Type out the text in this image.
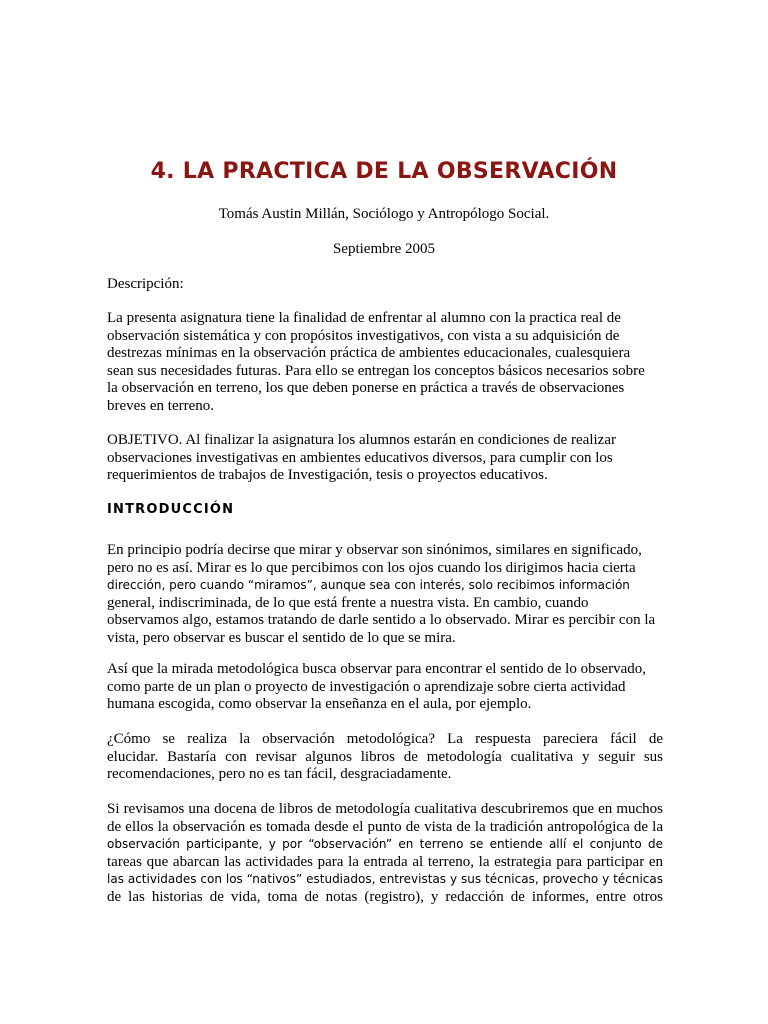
4. LA PRACTICA DE LA OBSERVACIÓN
Tomás Austin Millán, Sociólogo y Antropólogo Social.
Septiembre 2005
Descripción:
La presenta asignatura tiene la finalidad de enfrentar al alumno con la practica real de
observación sistemática y con propósitos investigativos, con vista a su adquisición de
destrezas mínimas en la observación práctica de ambientes educacionales, cualesquiera
sean sus necesidades futuras. Para ello se entregan los conceptos básicos necesarios sobre
la observación en terreno, los que deben ponerse en práctica a través de observaciones
breves en terreno.
OBJETIVO. Al finalizar la asignatura los alumnos estarán en condiciones de realizar
observaciones investigativas en ambientes educativos diversos, para cumplir con los
requerimientos de trabajos de Investigación, tesis o proyectos educativos.
INTRODUCCIÓN
En principio podría decirse que mirar y observar son sinónimos, similares en significado,
pero no es así. Mirar es lo que percibimos con los ojos cuando los dirigimos hacia cierta
dirección, pero cuando “miramos”, aunque sea con interés, solo recibimos información
general, indiscriminada, de lo que está frente a nuestra vista. En cambio, cuando
observamos algo, estamos tratando de darle sentido a lo observado. Mirar es percibir con la
vista, pero observar es buscar el sentido de lo que se mira.
Así que la mirada metodológica busca observar para encontrar el sentido de lo observado,
como parte de un plan o proyecto de investigación o aprendizaje sobre cierta actividad
humana escogida, como observar la enseñanza en el aula, por ejemplo.
¿Cómo se realiza la observación metodológica? La respuesta pareciera fácil de
elucidar. Bastaría con revisar algunos libros de metodología cualitativa y seguir sus
recomendaciones, pero no es tan fácil, desgraciadamente.
Si revisamos una docena de libros de metodología cualitativa descubriremos que en muchos
de ellos la observación es tomada desde el punto de vista de la tradición antropológica de la
observación participante, y por “observación” en terreno se entiende allí el conjunto de
tareas que abarcan las actividades para la entrada al terreno, la estrategia para participar en
las actividades con los “nativos” estudiados, entrevistas y sus técnicas, provecho y técnicas
de las historias de vida, toma de notas (registro), y redacción de informes, entre otros
